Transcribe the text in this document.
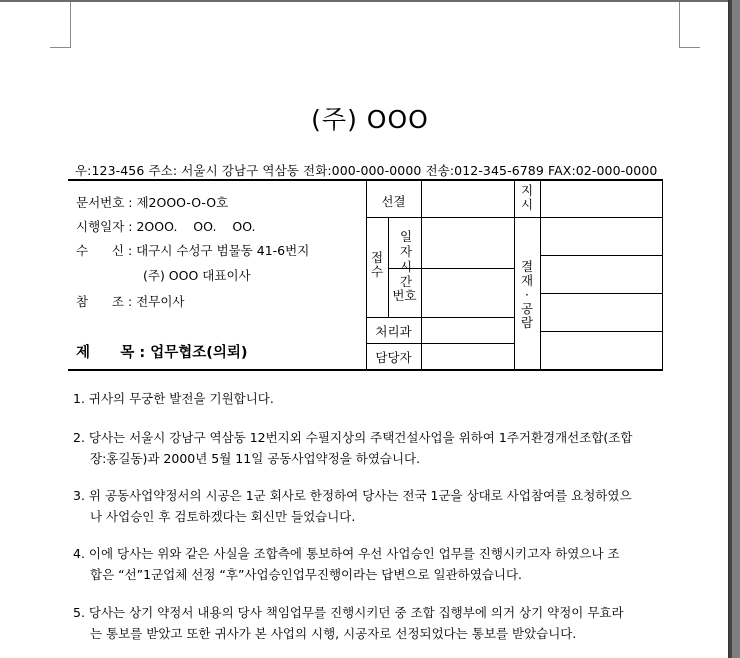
(주) OOO
우:123-456 주소: 서울시 강남구 역삼동 전화:000-000-0000 전송:012-345-6789 FAX:02-000-0000
문서번호 : 제2OOO-O-O호
시행일자 : 2OOO.    OO.    OO.
수      신 : 대구시 수성구 범물동 41-6번지
(주) OOO 대표이사
참      조 : 전무이사
제      목 : 업무협조(의뢰)
선결
접
수
일
자
시
간
번호
처리과
담당자
지
시
결
재
·
공
람
1. 귀사의 무궁한 발전을 기원합니다.
2. 당사는 서울시 강남구 역삼동 12번지외 수필지상의 주택건설사업을 위하여 1주거환경개선조합(조합
장:홍길동)과 2000년 5월 11일 공동사업약정을 하였습니다.
3. 위 공동사업약정서의 시공은 1군 회사로 한정하여 당사는 전국 1군을 상대로 사업참여를 요청하였으
나 사업승인 후 검토하겠다는 회신만 들었습니다.
4. 이에 당사는 위와 같은 사실을 조합측에 통보하여 우선 사업승인 업무를 진행시키고자 하였으나 조
합은 “선”1군업체 선정 “후”사업승인업무진행이라는 답변으로 일관하였습니다.
5. 당사는 상기 약정서 내용의 당사 책임업무를 진행시키던 중 조합 집행부에 의거 상기 약정이 무효라
는 통보를 받았고 또한 귀사가 본 사업의 시행, 시공자로 선정되었다는 통보를 받았습니다.
